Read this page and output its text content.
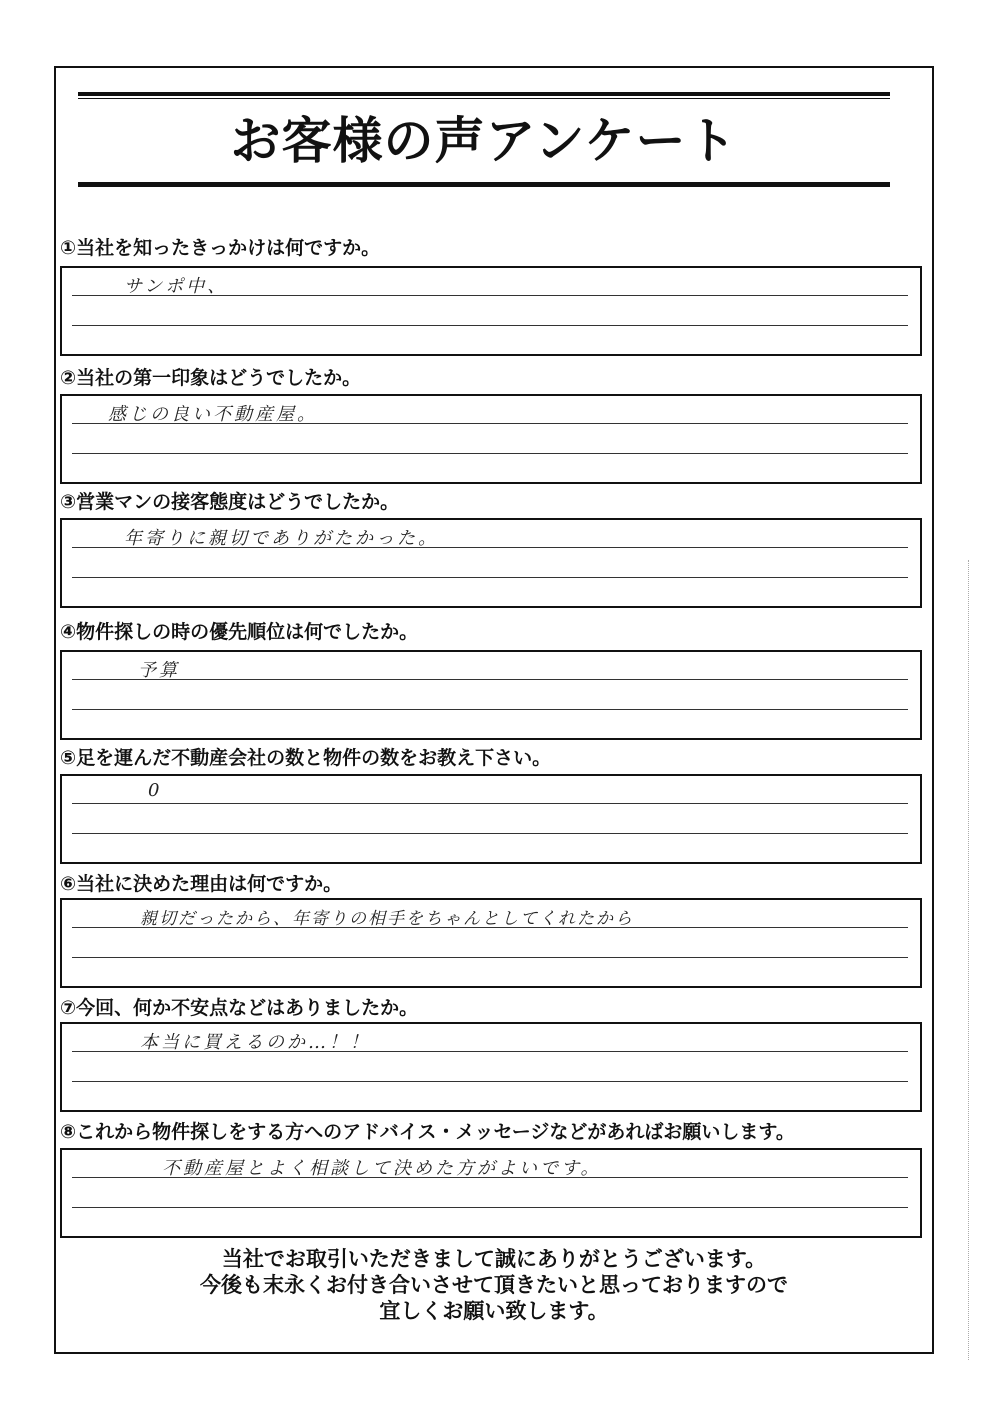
お客様の声アンケート
①当社を知ったきっかけは何ですか。
サンポ中、
②当社の第一印象はどうでしたか。
感じの良い不動産屋。
③営業マンの接客態度はどうでしたか。
年寄りに親切でありがたかった。
④物件探しの時の優先順位は何でしたか。
予算
⑤足を運んだ不動産会社の数と物件の数をお教え下さい。
0
⑥当社に決めた理由は何ですか。
親切だったから、年寄りの相手をちゃんとしてくれたから
⑦今回、何か不安点などはありましたか。
本当に買えるのか…！！
⑧これから物件探しをする方へのアドバイス・メッセージなどがあればお願いします。
不動産屋とよく相談して決めた方がよいです。
当社でお取引いただきまして誠にありがとうございます。
今後も末永くお付き合いさせて頂きたいと思っておりますので
宜しくお願い致します。
